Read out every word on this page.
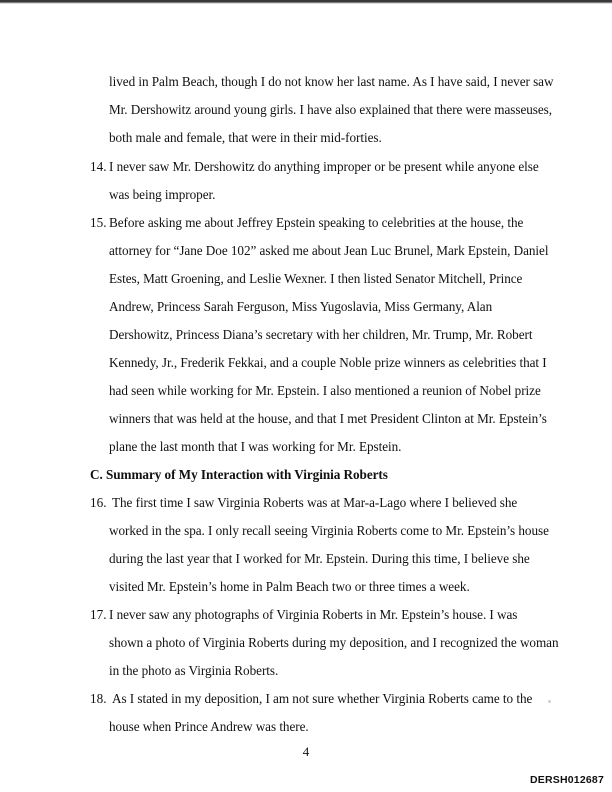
lived in Palm Beach, though I do not know her last name. As I have said, I never saw
Mr. Dershowitz around young girls. I have also explained that there were masseuses,
both male and female, that were in their mid-forties.
14. I never saw Mr. Dershowitz do anything improper or be present while anyone else
was being improper.
15. Before asking me about Jeffrey Epstein speaking to celebrities at the house, the
attorney for “Jane Doe 102” asked me about Jean Luc Brunel, Mark Epstein, Daniel
Estes, Matt Groening, and Leslie Wexner. I then listed Senator Mitchell, Prince
Andrew, Princess Sarah Ferguson, Miss Yugoslavia, Miss Germany, Alan
Dershowitz, Princess Diana’s secretary with her children, Mr. Trump, Mr. Robert
Kennedy, Jr., Frederik Fekkai, and a couple Noble prize winners as celebrities that I
had seen while working for Mr. Epstein. I also mentioned a reunion of Nobel prize
winners that was held at the house, and that I met President Clinton at Mr. Epstein’s
plane the last month that I was working for Mr. Epstein.
C. Summary of My Interaction with Virginia Roberts
16. The first time I saw Virginia Roberts was at Mar-a-Lago where I believed she
worked in the spa. I only recall seeing Virginia Roberts come to Mr. Epstein’s house
during the last year that I worked for Mr. Epstein. During this time, I believe she
visited Mr. Epstein’s home in Palm Beach two or three times a week.
17. I never saw any photographs of Virginia Roberts in Mr. Epstein’s house. I was
shown a photo of Virginia Roberts during my deposition, and I recognized the woman
in the photo as Virginia Roberts.
18. As I stated in my deposition, I am not sure whether Virginia Roberts came to the
house when Prince Andrew was there.
4
DERSH012687
